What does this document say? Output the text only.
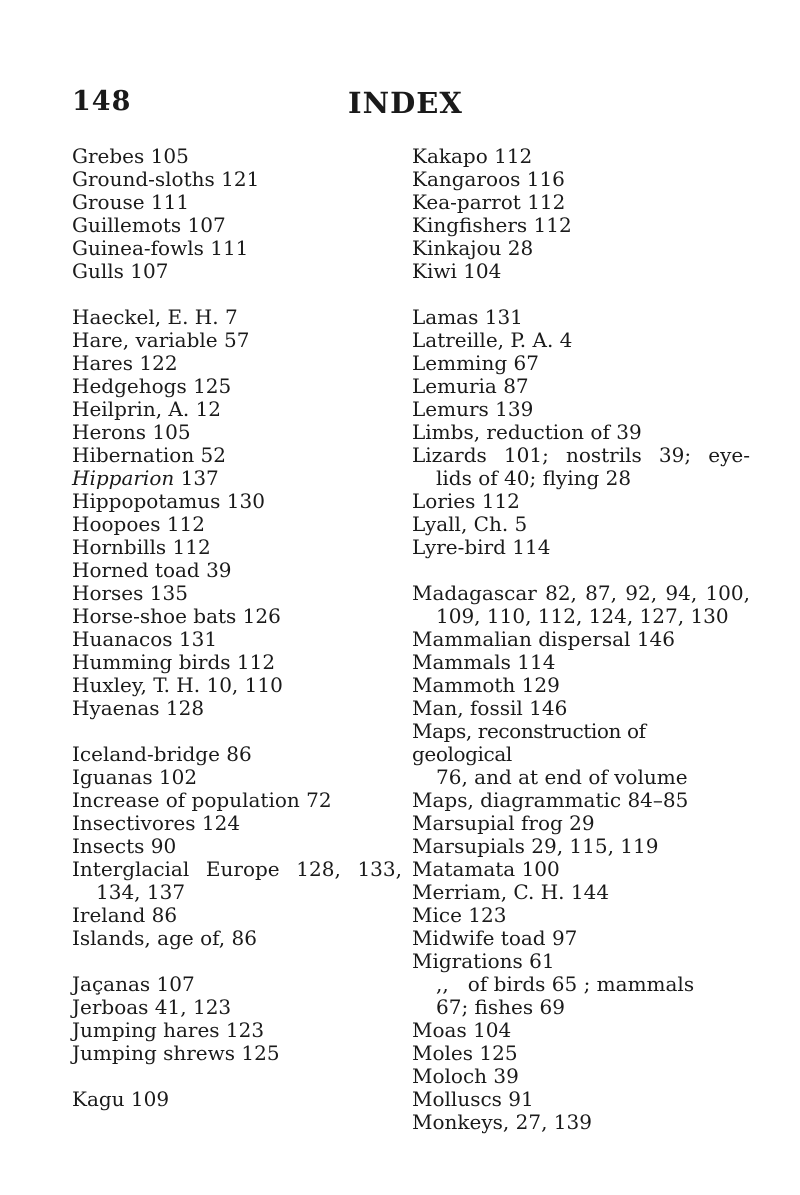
148	INDEX
Grebes 105
Ground-sloths 121
Grouse 111
Guillemots 107
Guinea-fowls 111
Gulls 107
Haeckel, E. H. 7
Hare, variable 57
Hares 122
Hedgehogs 125
Heilprin, A. 12
Herons 105
Hibernation 52
Hipparion 137
Hippopotamus 130
Hoopoes 112
Hornbills 112
Horned toad 39
Horses 135
Horse-shoe bats 126
Huanacos 131
Humming birds 112
Huxley, T. H. 10, 110
Hyaenas 128
Iceland-bridge 86
Iguanas 102
Increase of population 72
Insectivores 124
Insects 90
Interglacial Europe 128, 133,
134, 137
Ireland 86
Islands, age of, 86
Jaçanas 107
Jerboas 41, 123
Jumping hares 123
Jumping shrews 125
Kagu 109
Kakapo 112
Kangaroos 116
Kea-parrot 112
Kingfishers 112
Kinkajou 28
Kiwi 104
Lamas 131
Latreille, P. A. 4
Lemming 67
Lemuria 87
Lemurs 139
Limbs, reduction of 39
Lizards 101; nostrils 39; eye-
lids of 40; flying 28
Lories 112
Lyall, Ch. 5
Lyre-bird 114
Madagascar 82, 87, 92, 94, 100,
109, 110, 112, 124, 127, 130
Mammalian dispersal 146
Mammals 114
Mammoth 129
Man, fossil 146
Maps, reconstruction of geological
76, and at end of volume
Maps, diagrammatic 84–85
Marsupial frog 29
Marsupials 29, 115, 119
Matamata 100
Merriam, C. H. 144
Mice 123
Midwife toad 97
Migrations 61
,,   of birds 65 ; mammals
67; fishes 69
Moas 104
Moles 125
Moloch 39
Molluscs 91
Monkeys, 27, 139
